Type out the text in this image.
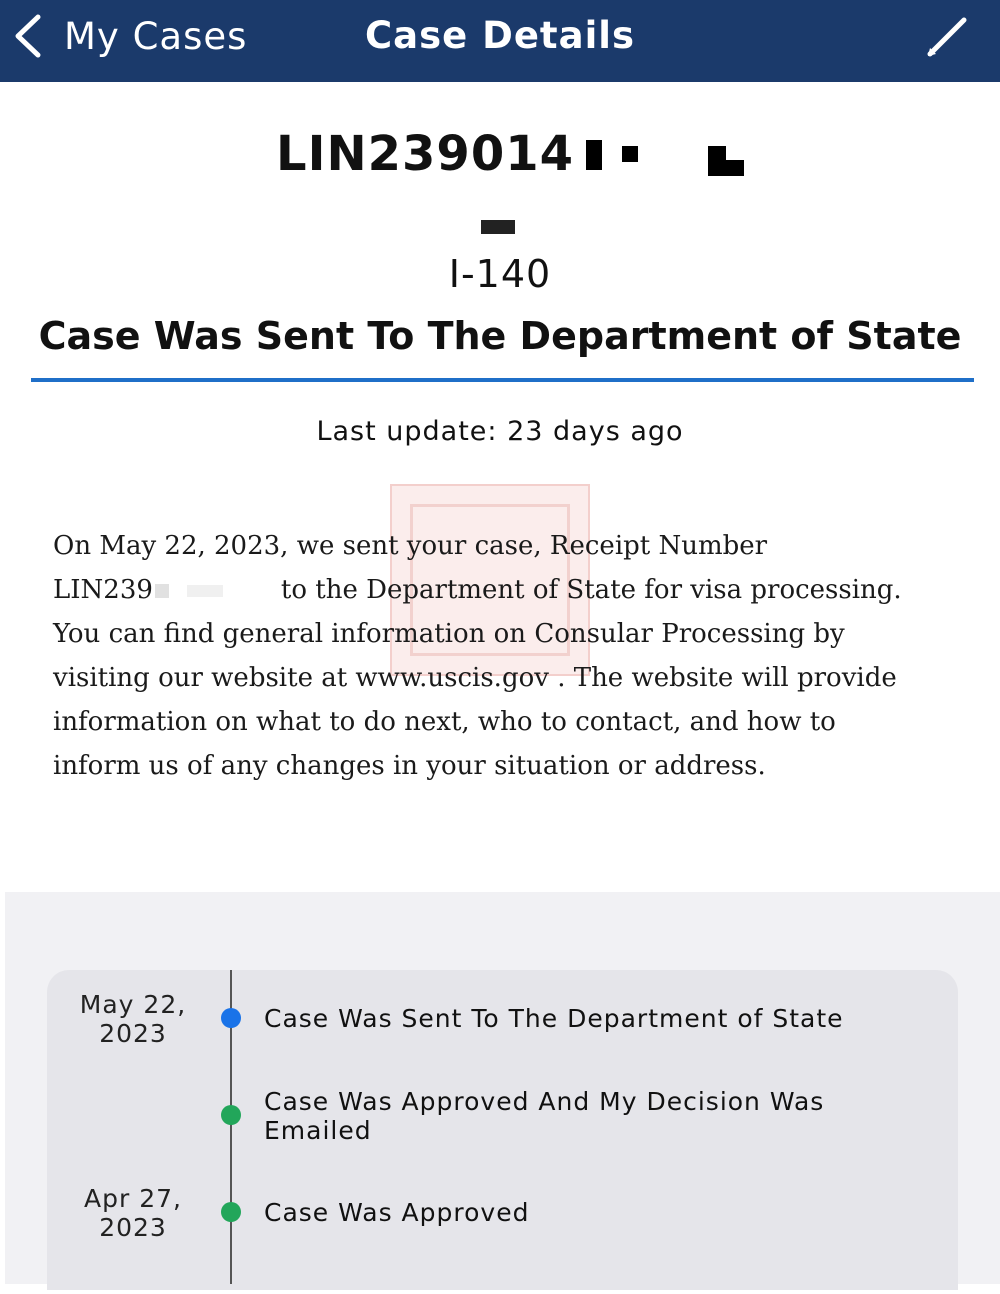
My Cases	Case Details
LIN239014
I-140
Case Was Sent To The Department of State
Last update: 23 days ago
On May 22, 2023, we sent your case, Receipt Number
LIN239	to the Department of State for visa processing.
You can find general information on Consular Processing by
visiting our website at www.uscis.gov . The website will provide
information on what to do next, who to contact, and how to
inform us of any changes in your situation or address.
May 22, 2023
Case Was Sent To The Department of State
Case Was Approved And My Decision Was Emailed
Apr 27, 2023
Case Was Approved
